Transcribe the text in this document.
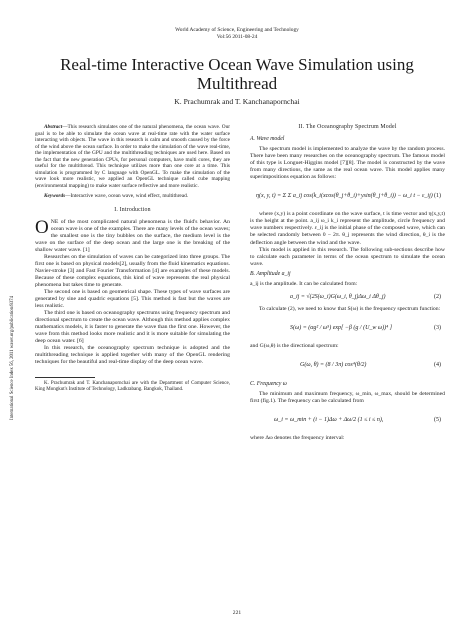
World Academy of Science, Engineering and Technology
Vol:56 2011-08-24
Real-time Interactive Ocean Wave Simulation using Multithread
K. Prachumrak and T. Kanchanapornchai
International Science Index 56, 2011 waset.org/publication/8374

Abstract—This research simulates one of the natural phenomena, the ocean wave. Our goal is to be able to simulate the ocean wave at real-time rate with the water surface interacting with objects. The wave in this research is calm and smooth caused by the force of the wind above the ocean surface. In order to make the simulation of the wave real-time, the implementation of the GPU and the multithreading techniques are used here. Based on the fact that the new generation CPUs, for personal computers, have multi cores, they are useful for the multithread. This technique utilizes more than one core at a time. This simulation is programmed by C language with OpenGL. To make the simulation of the wave look more realistic, we applied an OpenGL technique called cube mapping (environmental mapping) to make water surface reflective and more realistic.

Keywords—Interactive wave, ocean wave, wind effect, multithread.

I. Introduction

ONE of the most complicated natural phenomena is the fluid's behavior. An ocean wave is one of the examples. There are many levels of the ocean waves; the smallest one is the tiny bubbles on the surface, the medium level is the wave on the surface of the deep ocean and the large one is the breaking of the shallow water wave. [1]

Researches on the simulation of waves can be categorized into three groups. The first one is based on physical models[2], usually from the fluid kinematics equations. Navier-stroke [3] and Fast Fourier Transformation [4] are examples of these models. Because of these complex equations, this kind of wave represents the real physical phenomena but takes time to generate.

The second one is based on geometrical shape. These types of wave surfaces are generated by sine and quadric equations [5]. This method is fast but the waves are less realistic.

The third one is based on oceanography spectrums using frequency spectrum and directional spectrum to create the ocean wave. Although this method applies complex mathematics models, it is faster to generate the wave than the first one. However, the wave from this method looks more realistic and it is more suitable for simulating the deep ocean water. [6]

In this research, the oceanography spectrum technique is adopted and the multithreading technique is applied together with many of the OpenGL rendering techniques for the beautiful and real-time display of the deep ocean wave.

K. Prachumrak and T. Kanchanapornchai are with the Department of Computer Science, King Mongkut's Institute of Technology, Ladkrabang. Bangkok, Thailand.

II. The Oceanography Spectrum Model
A. Wave model

The spectrum model is implemented to analyze the wave by the random process. There have been many researches on the oceanography spectrum. The famous model of this type is Longuet-Higgins model [7][8]. The model is constructed by the wave from many directions, the same as the real ocean wave. This model applies many superimpositions equation as follows:

η(x, y, t) = Σ Σ a_ij cos(k_i(xcos(θ_j+θ_i)+ysin(θ_j+θ_i)) − ω_i t − ε_ij) (1)

where (x,y) is a point coordinate on the wave surface, t is time vector and η(x,y,t) is the height at the point. a_ij ω_i k_i represent the amplitude, circle frequency and wave numbers respectively. ε_ij is the initial phase of the composed wave, which can be selected randomly between 0 − 2π. θ_j represents the wind direction, θ_i is the deflection angle between the wind and the wave.

This model is applied in this research. The following sub-sections describe how to calculate each parameter in terms of the ocean spectrum to simulate the ocean wave.

B. Amplitude a_ij

a_ij is the amplitude. It can be calculated from:

a_ij = √(2S(ω_i)G(ω_i, θ_j)Δω_i Δθ_j)	(2)

To calculate (2), we need to know that S(ω) is the frequency spectrum function:

S(ω) = (αg² / ω⁵) exp[ −β (g / (U_w ω))⁴ ]	(3)

and G(ω,θ) is the directional spectrum:

G(ω, θ) = (8 / 3π) cos⁴(θ/2)	(4)
C. Frequency ω

The minimum and maximum frequency, ω_min, ω_max, should be determined first (fig.1). The frequency can be calculated from

ω_i = ω_min + (i − 1)Δω + Δω/2 (1 ≤ i ≤ n),	(5)

where Δω denotes the frequency interval:

221
